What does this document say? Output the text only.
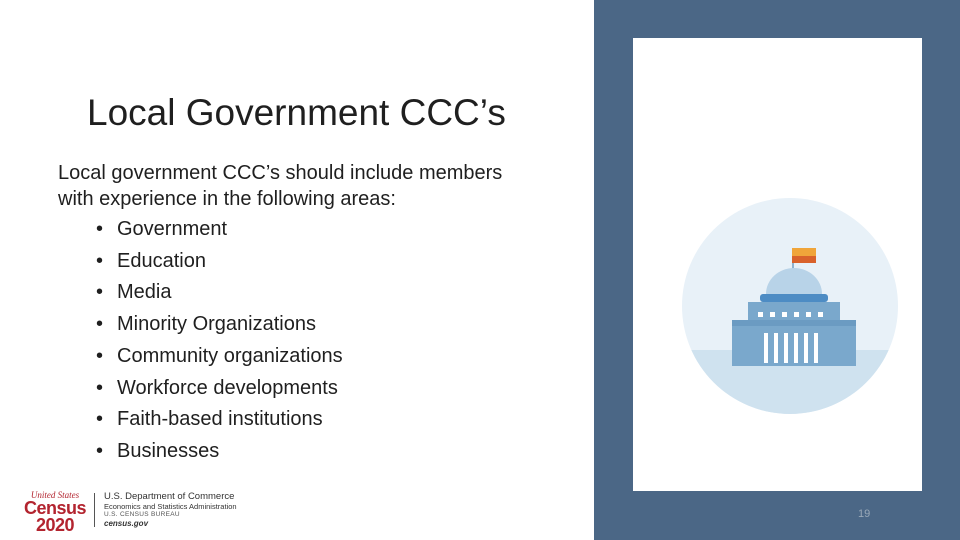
Local Government CCC’s

Local government CCC’s should include members
with experience in the following areas:

• Government
• Education
• Media
• Minority Organizations
• Community organizations
• Workforce developments
• Faith-based institutions
• Businesses
19
United States
Census
2020
U.S. Department of Commerce
Economics and Statistics Administration
U.S. CENSUS BUREAU
census.gov
